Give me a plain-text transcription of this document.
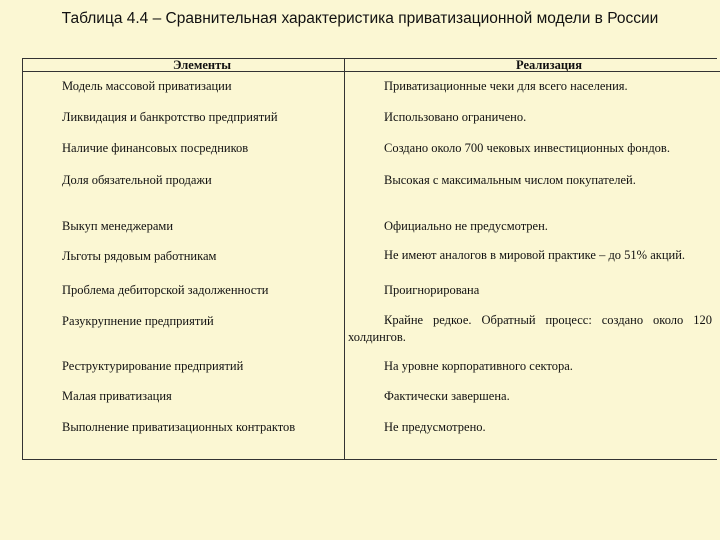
Таблица 4.4 – Сравнительная характеристика приватизационной модели в России
Элементы	Реализация
Модель массовой приватизации	Приватизационные чеки для всего населения.
Ликвидация и банкротство предприятий	Использовано ограничено.
Наличие финансовых посредников	Создано около 700 чековых инвестиционных фондов.
Доля обязательной продажи	Высокая с максимальным числом покупателей.
Выкуп менеджерами	Официально не предусмотрен.
Льготы рядовым работникам	Не имеют аналогов в мировой практике – до 51% акций.
Проблема дебиторской задолженности	Проигнорирована
Разукрупнение предприятий	Крайне редкое. Обратный процесс: создано около 120 холдингов.
Реструктурирование предприятий	На уровне корпоративного сектора.
Малая приватизация	Фактически завершена.
Выполнение приватизационных контрактов	Не предусмотрено.
